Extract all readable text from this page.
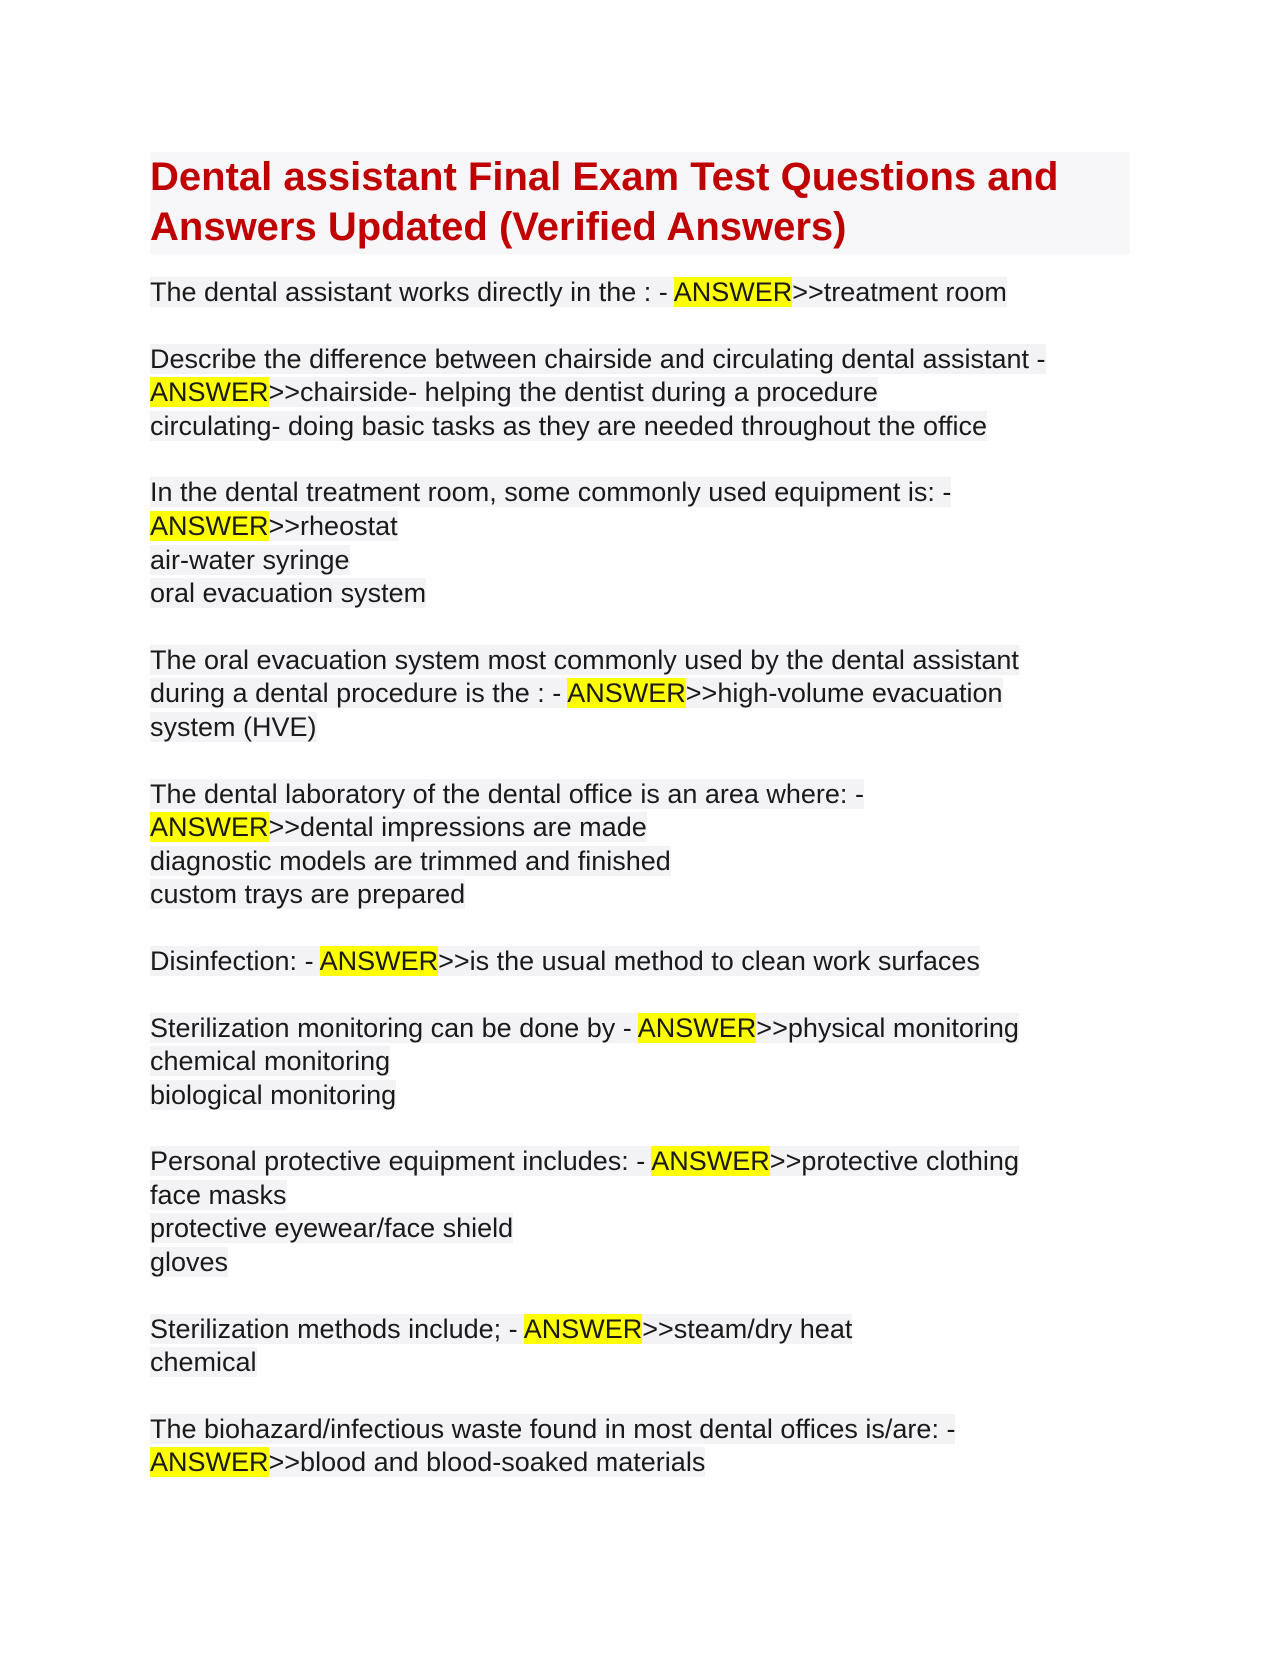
Dental assistant Final Exam Test Questions and
Answers Updated (Verified Answers)
The dental assistant works directly in the : - ANSWER>>treatment room
Describe the difference between chairside and circulating dental assistant -
ANSWER>>chairside- helping the dentist during a procedure
circulating- doing basic tasks as they are needed throughout the office
In the dental treatment room, some commonly used equipment is: -
ANSWER>>rheostat
air-water syringe
oral evacuation system
The oral evacuation system most commonly used by the dental assistant
during a dental procedure is the : - ANSWER>>high-volume evacuation
system (HVE)
The dental laboratory of the dental office is an area where: -
ANSWER>>dental impressions are made
diagnostic models are trimmed and finished
custom trays are prepared
Disinfection: - ANSWER>>is the usual method to clean work surfaces
Sterilization monitoring can be done by - ANSWER>>physical monitoring
chemical monitoring
biological monitoring
Personal protective equipment includes: - ANSWER>>protective clothing
face masks
protective eyewear/face shield
gloves
Sterilization methods include; - ANSWER>>steam/dry heat
chemical
The biohazard/infectious waste found in most dental offices is/are: -
ANSWER>>blood and blood-soaked materials
